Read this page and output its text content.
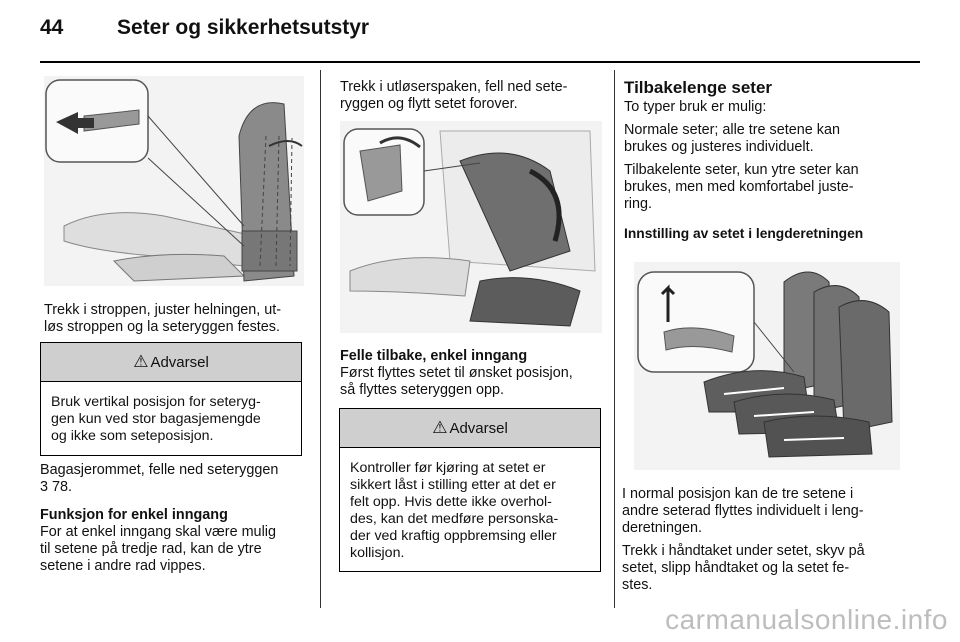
44	Seter og sikkerhetsutstyr

Trekk i stroppen, juster helningen, ut-
løs stroppen og la seteryggen festes.

⚠ Advarsel
Bruk vertikal posisjon for seteryg-
gen kun ved stor bagasjemengde
og ikke som seteposisjon.

Bagasjerommet, felle ned seteryggen
3 78.

Funksjon for enkel inngang
For at enkel inngang skal være mulig
til setene på tredje rad, kan de ytre
setene i andre rad vippes.

Trekk i utløserspaken, fell ned sete-
ryggen og flytt setet forover.

Felle tilbake, enkel inngang
Først flyttes setet til ønsket posisjon,
så flyttes seteryggen opp.

⚠ Advarsel
Kontroller før kjøring at setet er
sikkert låst i stilling etter at det er
felt opp. Hvis dette ikke overhol-
des, kan det medføre personska-
der ved kraftig oppbremsing eller
kollisjon.
Tilbakelenge seter

To typer bruk er mulig:

Normale seter; alle tre setene kan
brukes og justeres individuelt.

Tilbakelente seter, kun ytre seter kan
brukes, men med komfortabel juste-
ring.

Innstilling av setet i lengderetningen

I normal posisjon kan de tre setene i
andre seterad flyttes individuelt i leng-
deretningen.

Trekk i håndtaket under setet, skyv på
setet, slipp håndtaket og la setet fe-
stes.

carmanualsonline.info
